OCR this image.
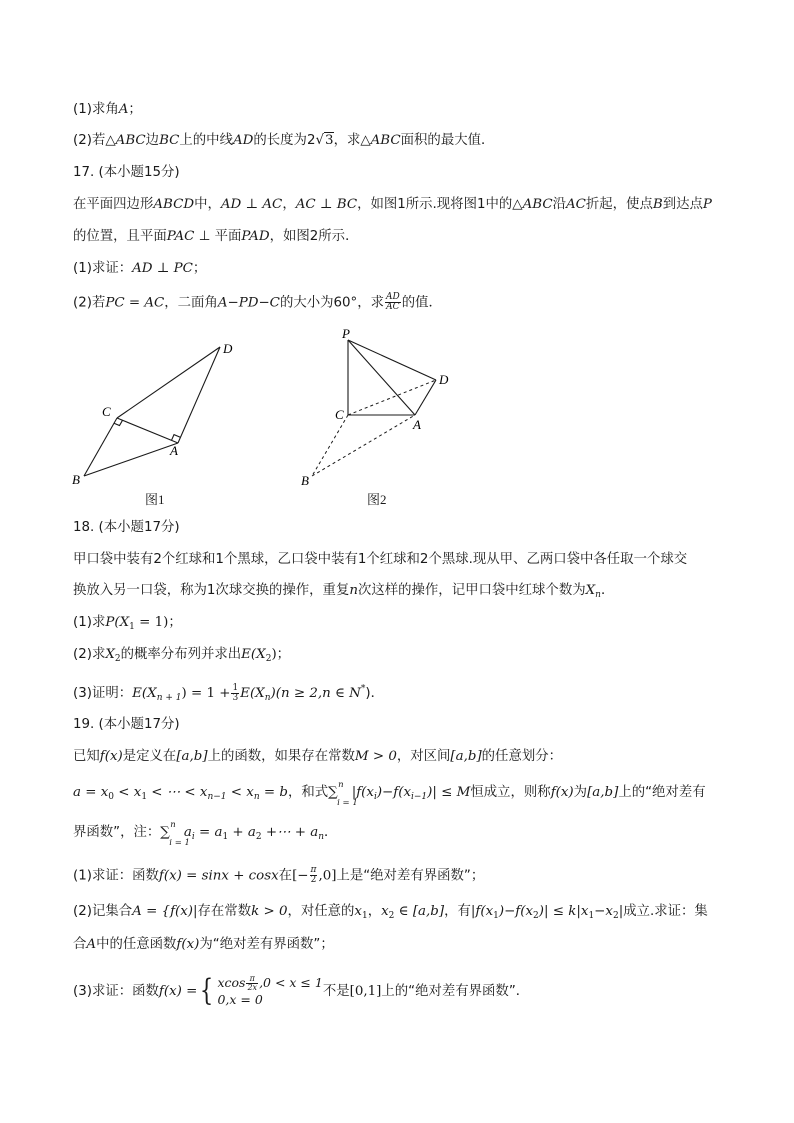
(1)求角A；
(2)若△ABC边BC上的中线AD的长度为2√3，求△ABC面积的最大值．
17. (本小题15分)
在平面四边形ABCD中，AD ⊥ AC，AC ⊥ BC，如图1所示.现将图1中的△ABC沿AC折起，使点B到达点P
的位置，且平面PAC ⊥ 平面PAD，如图2所示．
(1)求证：AD ⊥ PC；
(2)若PC = AC，二面角A−PD−C的大小为60°，求 $\frac{AD}{AC}$ 的值．
D
C
A
B
图1
P
D
C
A
B
图2
18. (本小题17分)
甲口袋中装有2个红球和1个黑球，乙口袋中装有1个红球和2个黑球.现从甲、乙两口袋中各任取一个球交
换放入另一口袋，称为1次球交换的操作，重复n次这样的操作，记甲口袋中红球个数为$X_n$．
(1)求$P(X_1 = 1)$；
(2)求$X_2$的概率分布列并求出$E(X_2)$；
(3)证明：$E(X_{n + 1}) = 1 + \frac{1}{3} E(X_n)(n \ge 2,n$ ∈ N*)．
19. (本小题17分)
已知f(x)是定义在[a,b]上的函数，如果存在常数M > 0，对区间[a,b]的任意划分：
$a = x_0 < x_1$ < ⋯ < $x_{n-1} < x_n = b$，和式∑ n
i = 1
$|f(x_i)-f(x_{i-1})| \le M$恒成立，则称f(x)为[a,b]上的“绝对差有
界函数”，注：∑ n
i = 1
$a_i = a_1 + a_2$ +⋯ + $a_n$．
(1)求证：函数f(x) = sinx + cosx在[− $\frac{\pi}{2} ,0$]上是“绝对差有界函数”；
(2)记集合A = {f(x)|存在常数k > 0，对任意的$x_1$，$x_2$ ∈ [a,b]，有$|f(x_1)-f(x_2)| \le k|x_1-x_2|$成立.求证：集
合A中的任意函数f(x)为“绝对差有界函数”；
(3)求证：函数f(x) ={ xcos $\frac{\pi}{2x} ,0 < x \le 1$
0,x = 0
不是[0,1]上的“绝对差有界函数”．
